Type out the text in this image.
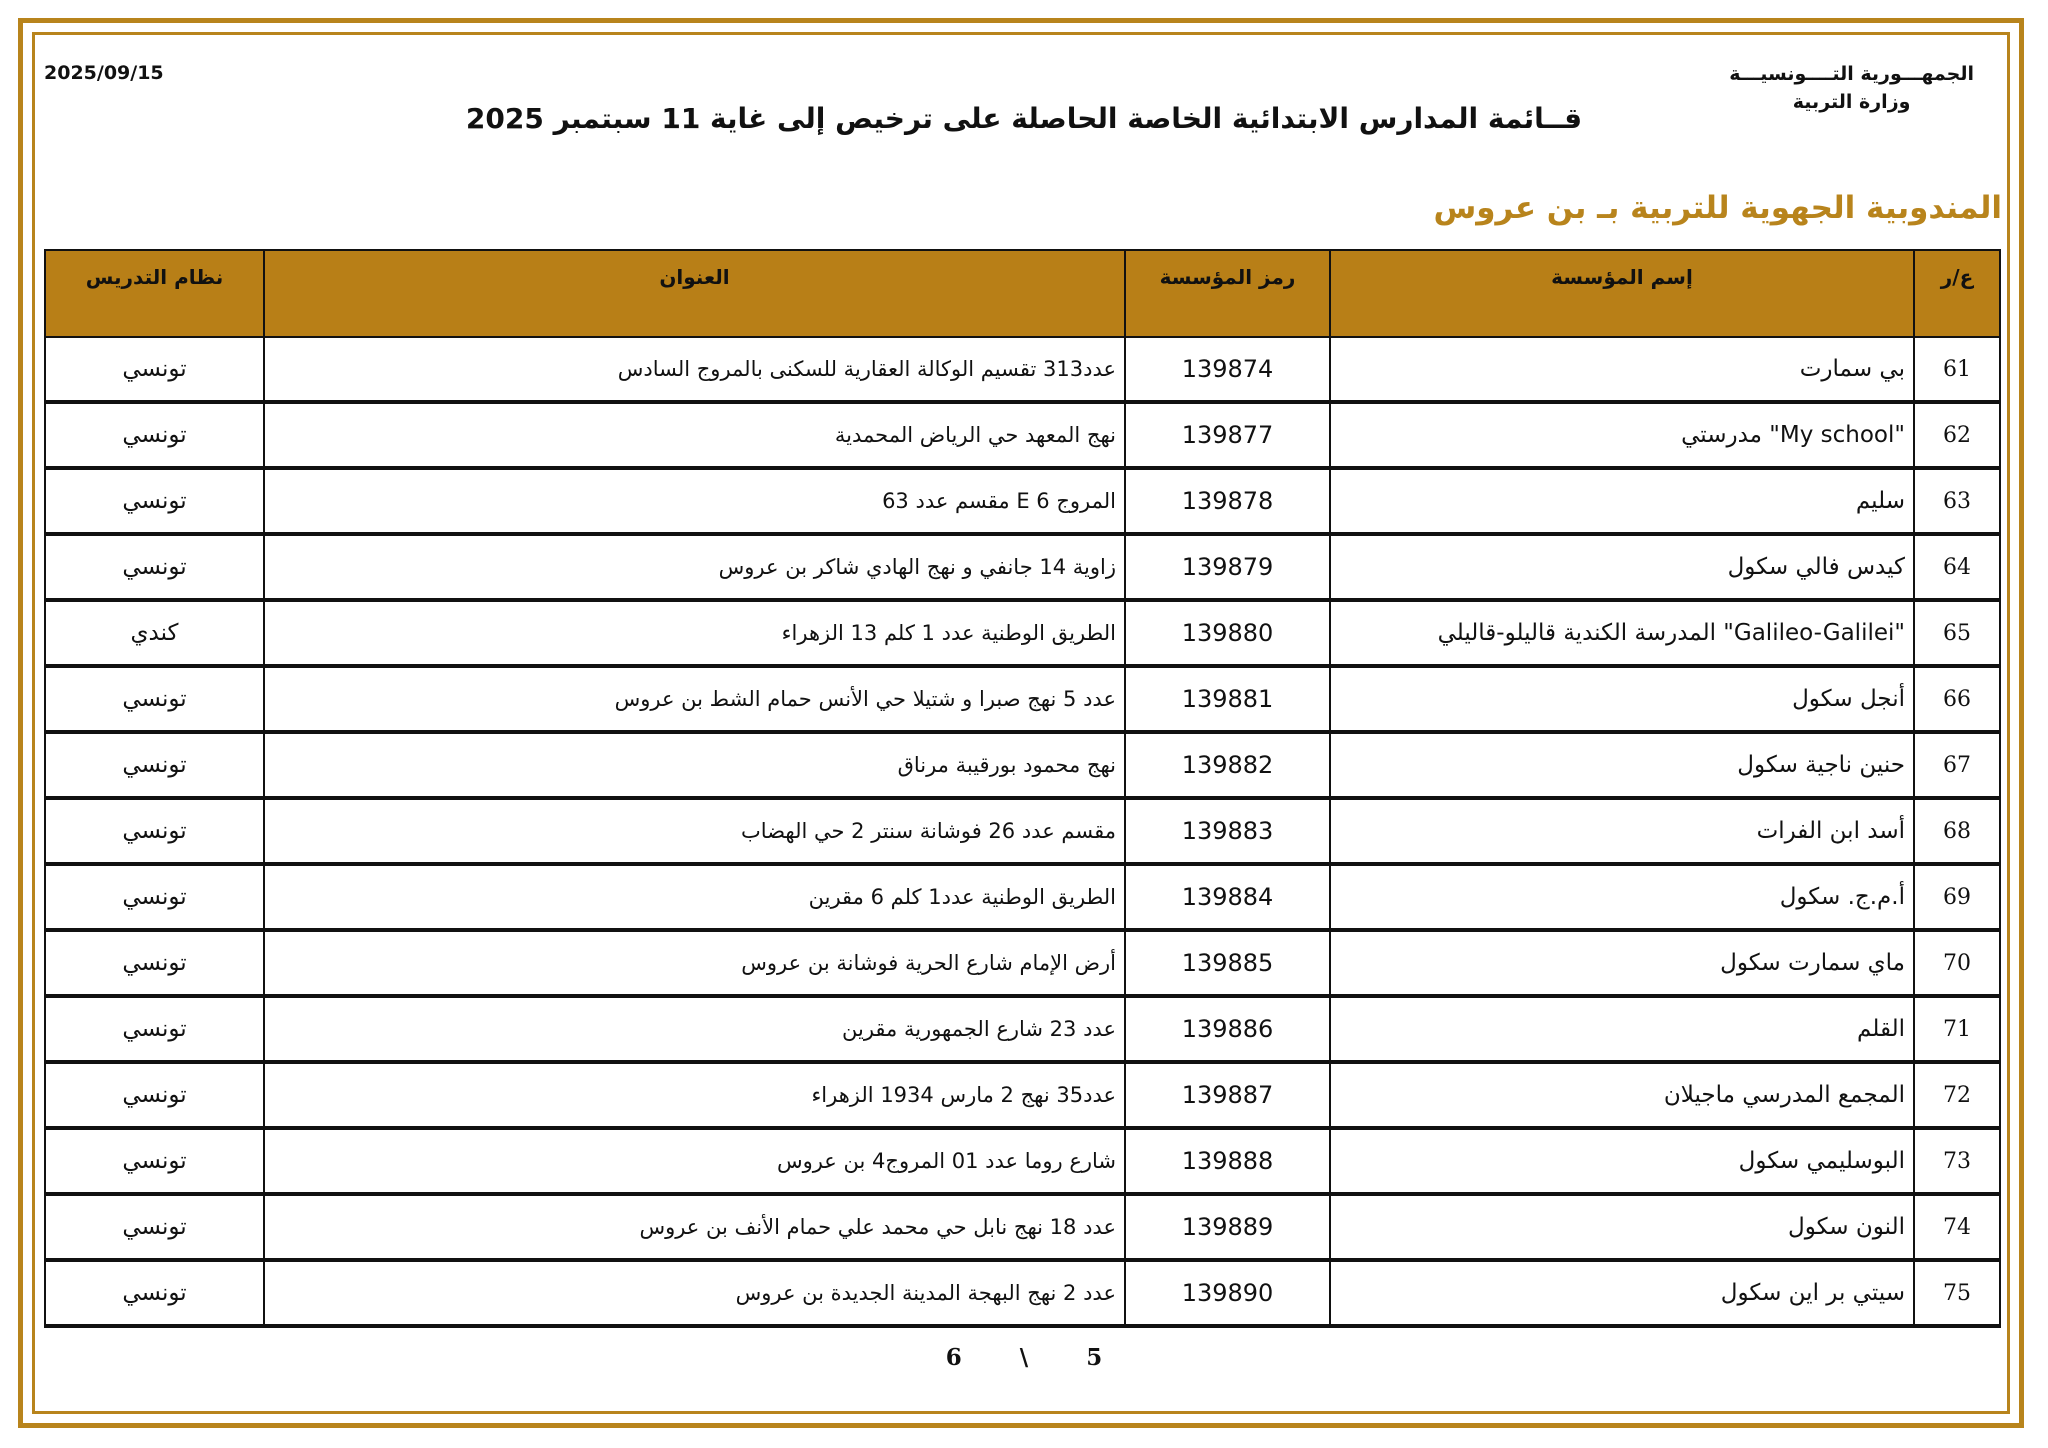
2025/09/15	الجمهـــورية التــــونسيـــة
وزارة التربية
قــائمة المدارس الابتدائية الخاصة الحاصلة على ترخيص إلى غاية 11 سبتمبر 2025
المندوبية الجهوية للتربية بـ بن عروس
ع/ر	إسم المؤسسة	رمز المؤسسة	العنوان	نظام التدريس
61	بي سمارت	139874	عدد313 تقسيم الوكالة العقارية للسكنى بالمروج السادس	تونسي
62	"My school" مدرستي	139877	نهج المعهد حي الرياض المحمدية	تونسي
63	سليم	139878	المروج 6 E مقسم عدد 63	تونسي
64	كيدس فالي سكول	139879	زاوية 14 جانفي و نهج الهادي شاكر بن عروس	تونسي
65	"Galileo-Galilei" المدرسة الكندية قاليلو-قاليلي	139880	الطريق الوطنية عدد 1 كلم 13 الزهراء	كندي
66	أنجل سكول	139881	عدد 5 نهج صبرا و شتيلا حي الأنس حمام الشط بن عروس	تونسي
67	حنين ناجية سكول	139882	نهج محمود بورقيبة مرناق	تونسي
68	أسد ابن الفرات	139883	مقسم عدد 26 فوشانة سنتر 2 حي الهضاب	تونسي
69	أ.م.ج. سكول	139884	الطريق الوطنية عدد1 كلم 6 مقرين	تونسي
70	ماي سمارت سكول	139885	أرض الإمام شارع الحرية فوشانة بن عروس	تونسي
71	القلم	139886	عدد 23 شارع الجمهورية مقرين	تونسي
72	المجمع المدرسي ماجيلان	139887	عدد35 نهج 2 مارس 1934 الزهراء	تونسي
73	البوسليمي سكول	139888	شارع روما عدد 01 المروج4 بن عروس	تونسي
74	النون سكول	139889	عدد 18 نهج نابل حي محمد علي حمام الأنف بن عروس	تونسي
75	سيتي بر اين سكول	139890	عدد 2 نهج البهجة المدينة الجديدة بن عروس	تونسي
5 \ 6
